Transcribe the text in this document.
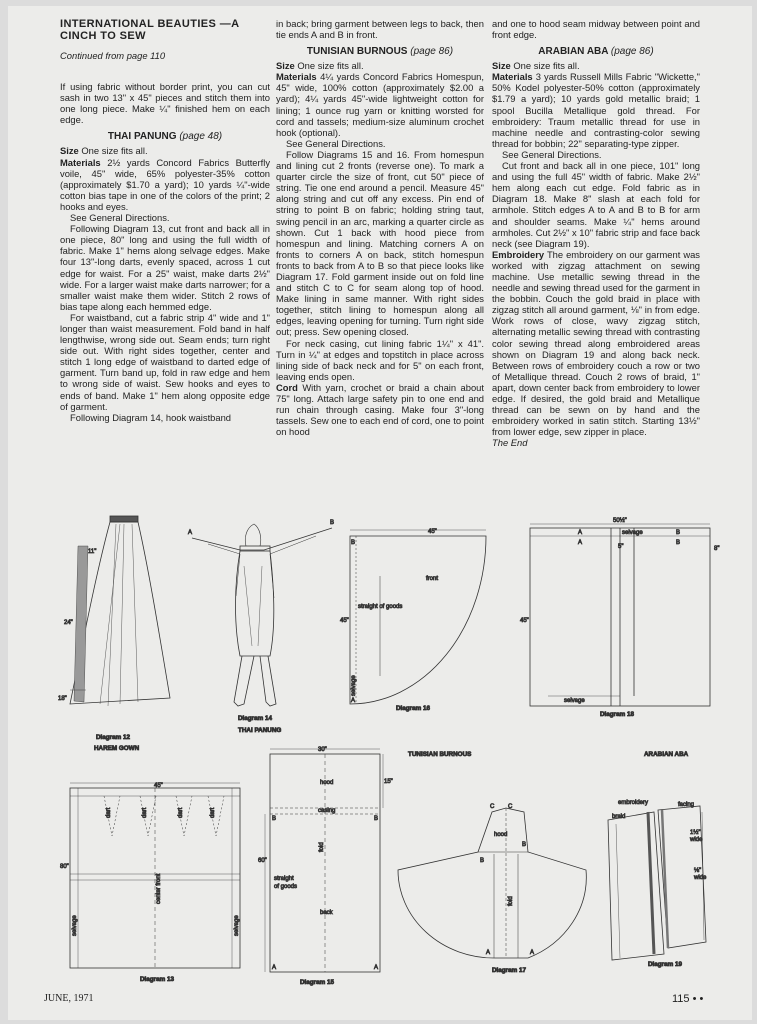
INTERNATIONAL BEAUTIES —A CINCH TO SEW

Continued from page 110

If using fabric without border print, you can cut sash in two 13" x 45" pieces and stitch them into one long piece. Make ¼" finished hem on each edge.

THAI PANUNG (page 48)

Size One size fits all.

Materials 2½ yards Concord Fabrics Butterfly voile, 45" wide, 65% polyester-35% cotton (approximately $1.70 a yard); 10 yards ¼"-wide cotton bias tape in one of the colors of the print; 2 hooks and eyes.

See General Directions.

Following Diagram 13, cut front and back all in one piece, 80" long and using the full width of fabric. Make 1" hems along selvage edges. Make four 13"-long darts, evenly spaced, across 1 cut edge for waist. For a 25" waist, make darts 2½" wide. For a larger waist make darts narrower; for a smaller waist make them wider. Stitch 2 rows of bias tape along each hemmed edge.

For waistband, cut a fabric strip 4" wide and 1" longer than waist measurement. Fold band in half lengthwise, wrong side out. Seam ends; turn right side out. With right sides together, center and stitch 1 long edge of waistband to darted edge of garment. Turn band up, fold in raw edge and hem to wrong side of waist. Sew hooks and eyes to ends of band. Make 1" hem along opposite edge of garment.

Following Diagram 14, hook waistband

in back; bring garment between legs to back, then tie ends A and B in front.

TUNISIAN BURNOUS (page 86)

Size One size fits all.

Materials 4¼ yards Concord Fabrics Homespun, 45" wide, 100% cotton (approximately $2.00 a yard); 4¼ yards 45"-wide lightweight cotton for lining; 1 ounce rug yarn or knitting worsted for cord and tassels; medium-size aluminum crochet hook (optional).

See General Directions.

Follow Diagrams 15 and 16. From homespun and lining cut 2 fronts (reverse one). To mark a quarter circle the size of front, cut 50" piece of string. Tie one end around a pencil. Measure 45" along string and cut off any excess. Pin end of string to point B on fabric; holding string taut, swing pencil in an arc, marking a quarter circle as shown. Cut 1 back with hood piece from homespun and lining. Matching corners A on fronts to corners A on back, stitch homespun fronts to back from A to B so that piece looks like Diagram 17. Fold garment inside out on fold line and stitch C to C for seam along top of hood. Make lining in same manner. With right sides together, stitch lining to homespun along all edges, leaving opening for turning. Turn right side out; press. Sew opening closed.

For neck casing, cut lining fabric 1¼" x 41". Turn in ¼" at edges and topstitch in place across lining side of back neck and for 5" on each front, leaving ends open.

Cord With yarn, crochet or braid a chain about 75" long. Attach large safety pin to one end and run chain through casing. Make four 3"-long tassels. Sew one to each end of cord, one to point on hood

and one to hood seam midway between point and front edge.

ARABIAN ABA (page 86)

Size One size fits all.

Materials 3 yards Russell Mills Fabric "Wickette," 50% Kodel polyester-50% cotton (approximately $1.79 a yard); 10 yards gold metallic braid; 1 spool Bucilla Metallique gold thread. For embroidery: Traum metallic thread for use in machine needle and contrasting-color sewing thread for bobbin; 22" separating-type zipper.

See General Directions.

Cut front and back all in one piece, 101" long and using the full 45" width of fabric. Make 2½" hem along each cut edge. Fold fabric as in Diagram 18. Make 8" slash at each fold for armhole. Stitch edges A to A and B to B for arm and shoulder seams. Make ¼" hems around armholes. Cut 2½" x 10" fabric strip and face back neck (see Diagram 19).

Embroidery The embroidery on our garment was worked with zigzag attachment on sewing machine. Use metallic sewing thread in the needle and sewing thread used for the garment in the bobbin. Couch the gold braid in place with zigzag stitch all around garment, ⅛" in from edge. Work rows of close, wavy zigzag stitch, alternating metallic sewing thread with contrasting color sewing thread along embroidered areas shown on Diagram 19 and along back neck. Between rows of embroidery couch a row or two of Metallique thread. Couch 2 rows of braid, 1" apart, down center back from embroidery to lower edge. If desired, the gold braid and Metallique thread can be sewn on by hand and the embroidery worked in satin stitch. Starting 13½" from lower edge, sew zipper in place.

The End

11"
24"
18"
Diagram 12
HAREM GOWN
A
B
Diagram 14
THAI PANUNG
45"
45"
front
straight of goods
selvage
A
B
Diagram 16
50½"
A	selvage	B
A
5"
B
8"
45"
selvage
Diagram 18
TUNISIAN BURNOUS	ARABIAN ABA
45"
80"
dart	dart	dart	dart
center front
selvage	selvage
Diagram 13
30"
15"
60"
hood
casing
fold
straight
of goods
back
B	B
A	A
Diagram 15
C C
hood
fold
B
B
A	A
Diagram 17
embroidery	facing
braid
1½"
wide
⅛"
wide
Diagram 19
JUNE, 1971	115 • •
